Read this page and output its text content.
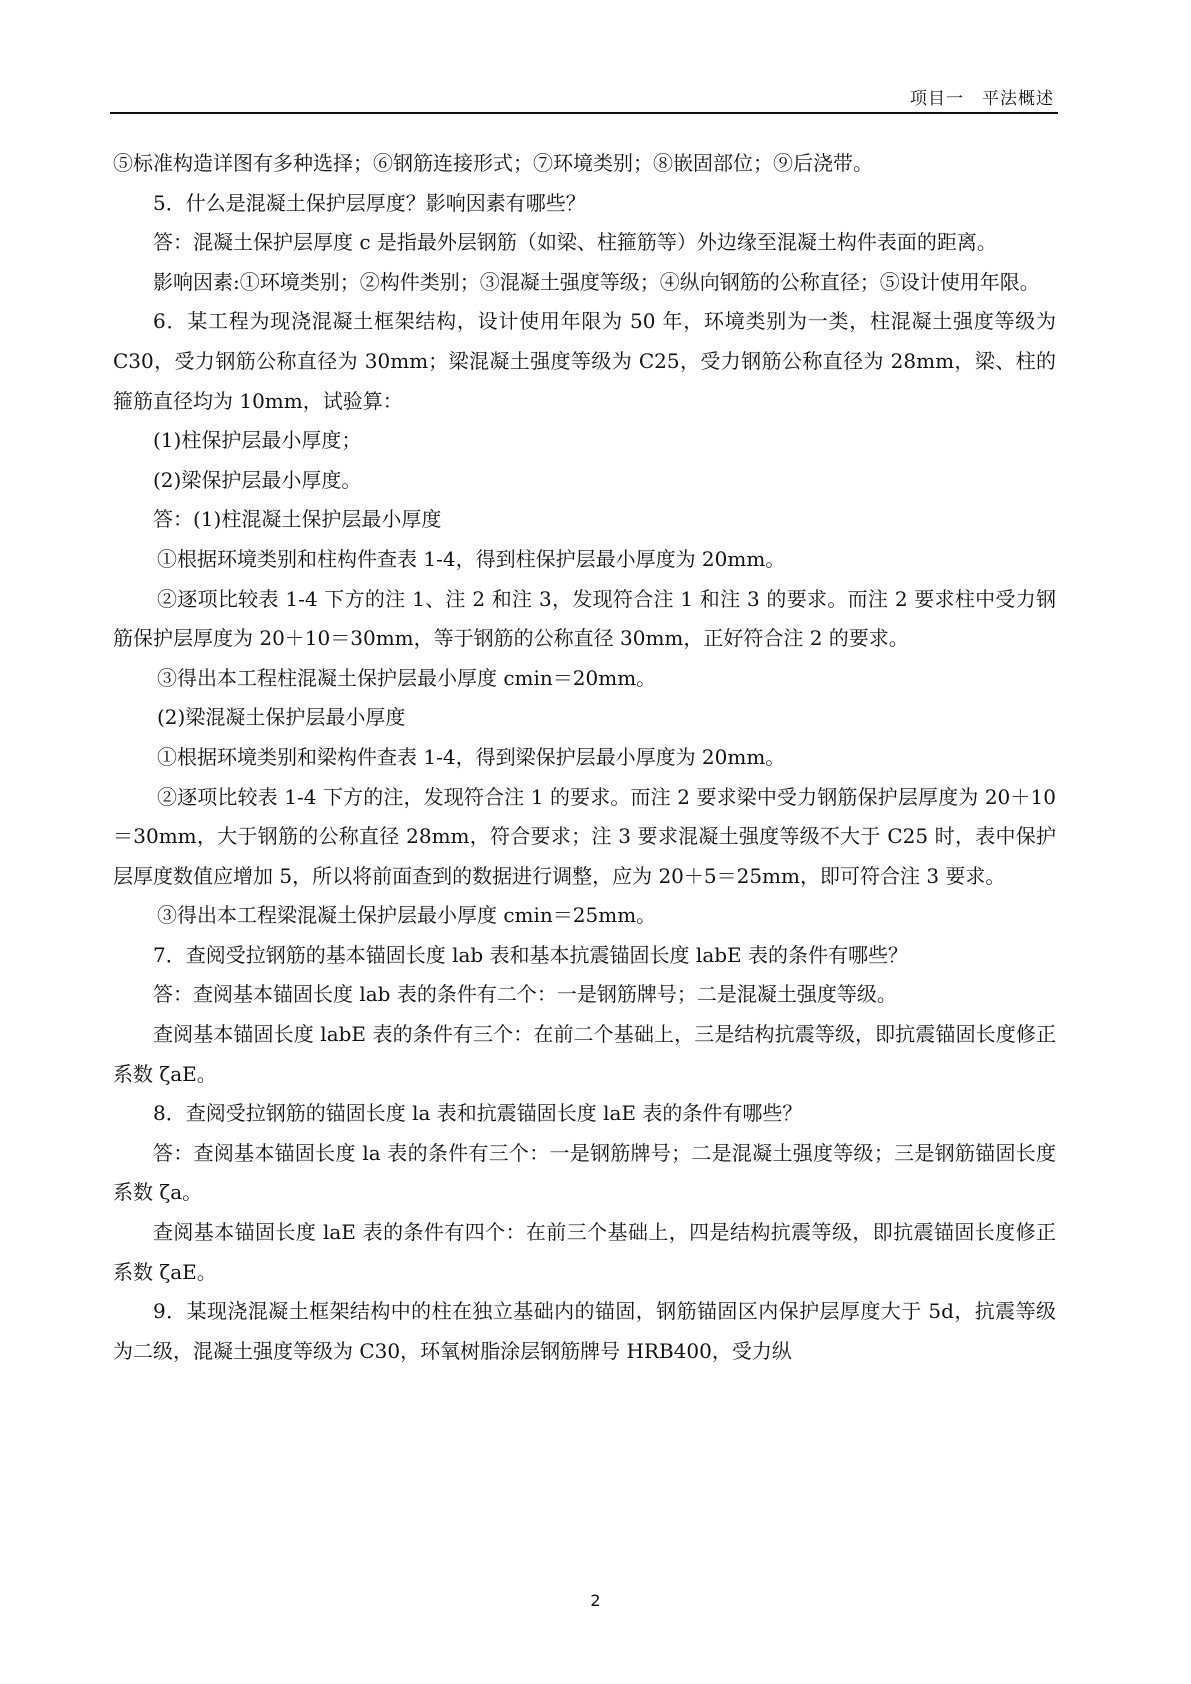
项目一　平法概述

⑤标准构造详图有多种选择；⑥钢筋连接形式；⑦环境类别；⑧嵌固部位；⑨后浇带。

5．什么是混凝土保护层厚度？影响因素有哪些？

答：混凝土保护层厚度 c 是指最外层钢筋（如梁、柱箍筋等）外边缘至混凝土构件表面的距离。

影响因素:①环境类别；②构件类别；③混凝土强度等级；④纵向钢筋的公称直径；⑤设计使用年限。

6．某工程为现浇混凝土框架结构，设计使用年限为 50 年，环境类别为一类，柱混凝土强度等级为 C30，受力钢筋公称直径为 30mm；梁混凝土强度等级为 C25，受力钢筋公称直径为 28mm，梁、柱的箍筋直径均为 10mm，试验算：

(1)柱保护层最小厚度；

(2)梁保护层最小厚度。

答：(1)柱混凝土保护层最小厚度

①根据环境类别和柱构件查表 1-4，得到柱保护层最小厚度为 20mm。

②逐项比较表 1-4 下方的注 1、注 2 和注 3，发现符合注 1 和注 3 的要求。而注 2 要求柱中受力钢筋保护层厚度为 20＋10＝30mm，等于钢筋的公称直径 30mm，正好符合注 2 的要求。

③得出本工程柱混凝土保护层最小厚度 cmin＝20mm。

(2)梁混凝土保护层最小厚度

①根据环境类别和梁构件查表 1-4，得到梁保护层最小厚度为 20mm。

②逐项比较表 1-4 下方的注，发现符合注 1 的要求。而注 2 要求梁中受力钢筋保护层厚度为 20＋10＝30mm，大于钢筋的公称直径 28mm，符合要求；注 3 要求混凝土强度等级不大于 C25 时，表中保护层厚度数值应增加 5，所以将前面查到的数据进行调整，应为 20＋5＝25mm，即可符合注 3 要求。

③得出本工程梁混凝土保护层最小厚度 cmin＝25mm。

7．查阅受拉钢筋的基本锚固长度 lab 表和基本抗震锚固长度 labE 表的条件有哪些？

答：查阅基本锚固长度 lab 表的条件有二个：一是钢筋牌号；二是混凝土强度等级。

查阅基本锚固长度 labE 表的条件有三个：在前二个基础上，三是结构抗震等级，即抗震锚固长度修正系数 ζaE。

8．查阅受拉钢筋的锚固长度 la 表和抗震锚固长度 laE 表的条件有哪些？

答：查阅基本锚固长度 la 表的条件有三个：一是钢筋牌号；二是混凝土强度等级；三是钢筋锚固长度系数 ζa。

查阅基本锚固长度 laE 表的条件有四个：在前三个基础上，四是结构抗震等级，即抗震锚固长度修正系数 ζaE。

9．某现浇混凝土框架结构中的柱在独立基础内的锚固，钢筋锚固区内保护层厚度大于 5d，抗震等级为二级，混凝土强度等级为 C30，环氧树脂涂层钢筋牌号 HRB400，受力纵

2
